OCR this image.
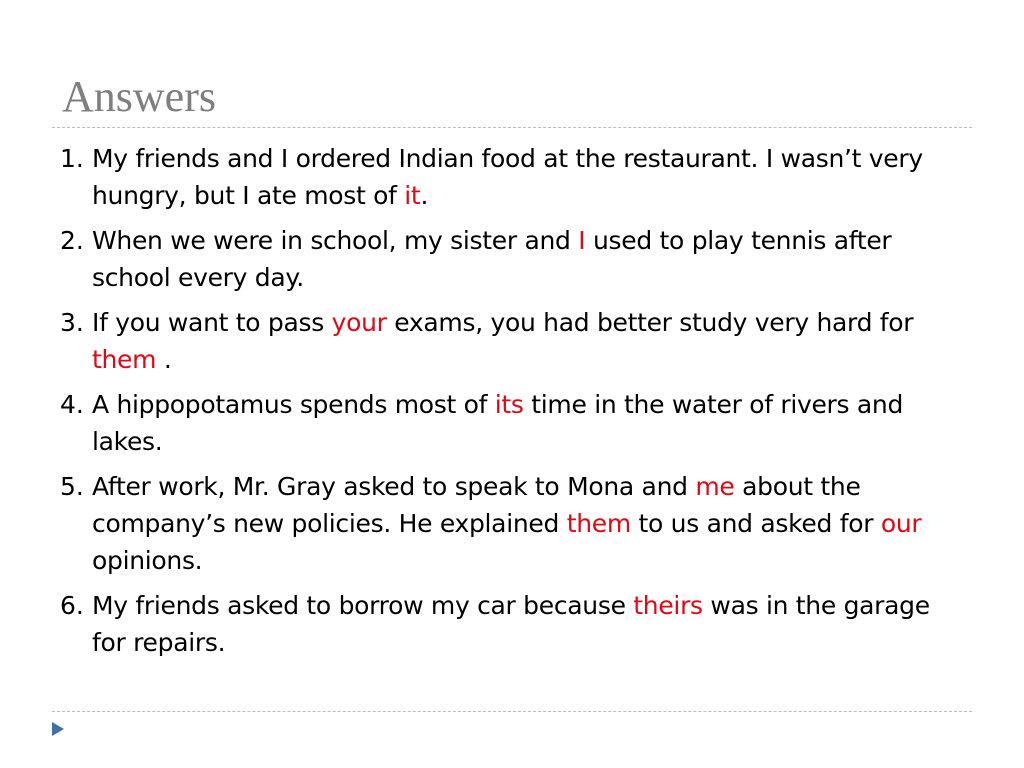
Answers
1. My friends and I ordered Indian food at the restaurant. I wasn’t very hungry, but I ate most of it.
2. When we were in school, my sister and I used to play tennis after school every day.
3. If you want to pass your exams, you had better study very hard for them .
4. A hippopotamus spends most of its time in the water of rivers and lakes.
5. After work, Mr. Gray asked to speak to Mona and me about the company’s new policies. He explained them to us and asked for our opinions.
6. My friends asked to borrow my car because theirs was in the garage for repairs.
